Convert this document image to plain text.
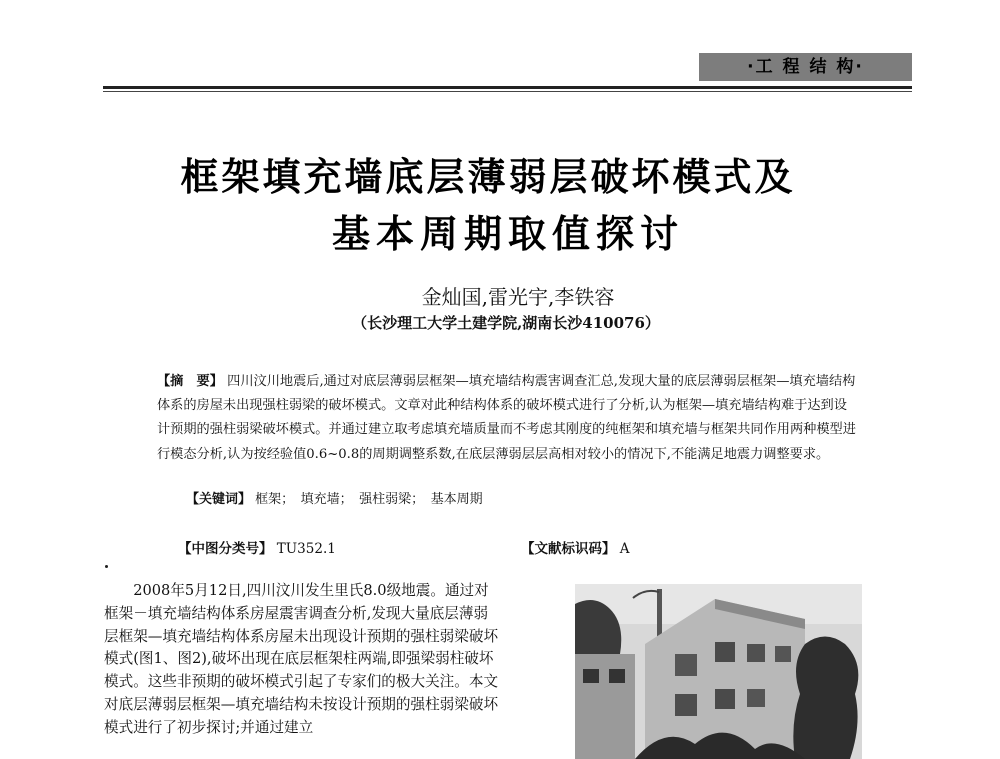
·工 程 结 构·
框架填充墙底层薄弱层破坏模式及
基本周期取值探讨
金灿国,雷光宇,李铁容
（长沙理工大学土建学院,湖南长沙410076）
【摘　要】 四川汶川地震后,通过对底层薄弱层框架—填充墙结构震害调查汇总,发现大量的底层薄弱层框架—填充墙结构体系的房屋未出现强柱弱梁的破坏模式。文章对此种结构体系的破坏模式进行了分析,认为框架—填充墙结构难于达到设计预期的强柱弱梁破坏模式。并通过建立取考虑填充墙质量而不考虑其刚度的纯框架和填充墙与框架共同作用两种模型进行模态分析,认为按经验值0.6~0.8的周期调整系数,在底层薄弱层层高相对较小的情况下,不能满足地震力调整要求。
【关键词】 框架；　填充墙；　强柱弱梁；　基本周期
【中图分类号】 TU352.1	【文献标识码】 A
2008年5月12日,四川汶川发生里氏8.0级地震。通过对框架－填充墙结构体系房屋震害调查分析,发现大量底层薄弱层框架—填充墙结构体系房屋未出现设计预期的强柱弱梁破坏模式(图1、图2),破坏出现在底层框架柱两端,即强梁弱柱破坏模式。这些非预期的破坏模式引起了专家们的极大关注。本文对底层薄弱层框架—填充墙结构未按设计预期的强柱弱梁破坏模式进行了初步探讨;并通过建立
